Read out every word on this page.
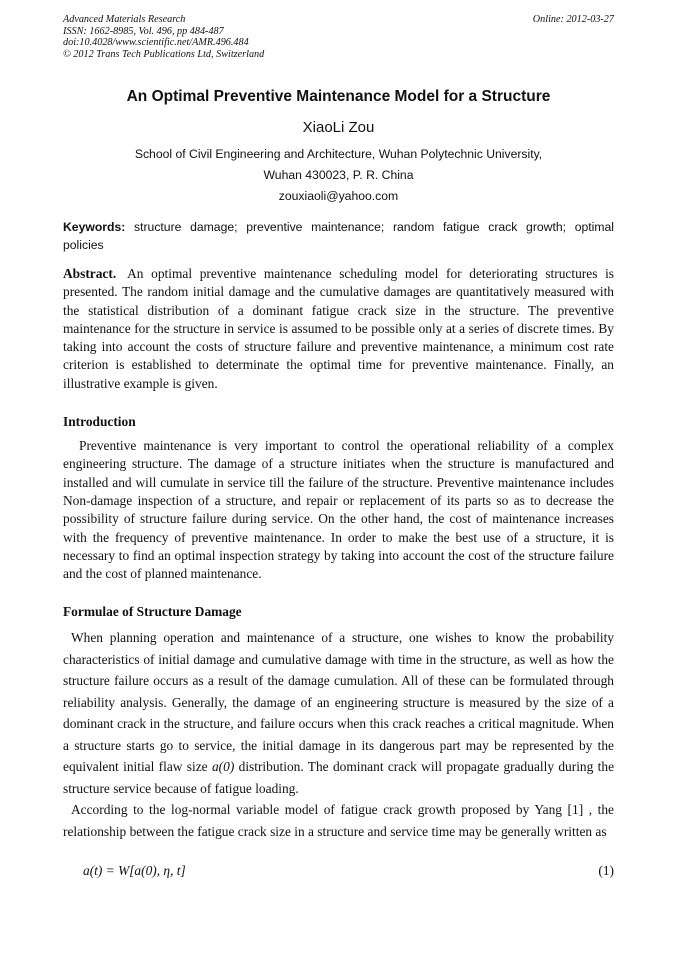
Advanced Materials Research
ISSN: 1662-8985, Vol. 496, pp 484-487
doi:10.4028/www.scientific.net/AMR.496.484
© 2012 Trans Tech Publications Ltd, Switzerland
Online: 2012-03-27
An Optimal Preventive Maintenance Model for a Structure
XiaoLi Zou
School of Civil Engineering and Architecture, Wuhan Polytechnic University,
Wuhan 430023, P. R. China
zouxiaoli@yahoo.com
Keywords: structure damage; preventive maintenance; random fatigue crack growth; optimal policies
Abstract. An optimal preventive maintenance scheduling model for deteriorating structures is presented. The random initial damage and the cumulative damages are quantitatively measured with the statistical distribution of a dominant fatigue crack size in the structure. The preventive maintenance for the structure in service is assumed to be possible only at a series of discrete times. By taking into account the costs of structure failure and preventive maintenance, a minimum cost rate criterion is established to determinate the optimal time for preventive maintenance. Finally, an illustrative example is given.
Introduction
Preventive maintenance is very important to control the operational reliability of a complex engineering structure. The damage of a structure initiates when the structure is manufactured and installed and will cumulate in service till the failure of the structure. Preventive maintenance includes Non-damage inspection of a structure, and repair or replacement of its parts so as to decrease the possibility of structure failure during service. On the other hand, the cost of maintenance increases with the frequency of preventive maintenance. In order to make the best use of a structure, it is necessary to find an optimal inspection strategy by taking into account the cost of the structure failure and the cost of planned maintenance.
Formulae of Structure Damage
When planning operation and maintenance of a structure, one wishes to know the probability characteristics of initial damage and cumulative damage with time in the structure, as well as how the structure failure occurs as a result of the damage cumulation. All of these can be formulated through reliability analysis. Generally, the damage of an engineering structure is measured by the size of a dominant crack in the structure, and failure occurs when this crack reaches a critical magnitude. When a structure starts go to service, the initial damage in its dangerous part may be represented by the equivalent initial flaw size a(0) distribution. The dominant crack will propagate gradually during the structure service because of fatigue loading.
According to the log-normal variable model of fatigue crack growth proposed by Yang [1] , the relationship between the fatigue crack size in a structure and service time may be generally written as
a(t) = W[a(0), η, t]	(1)
